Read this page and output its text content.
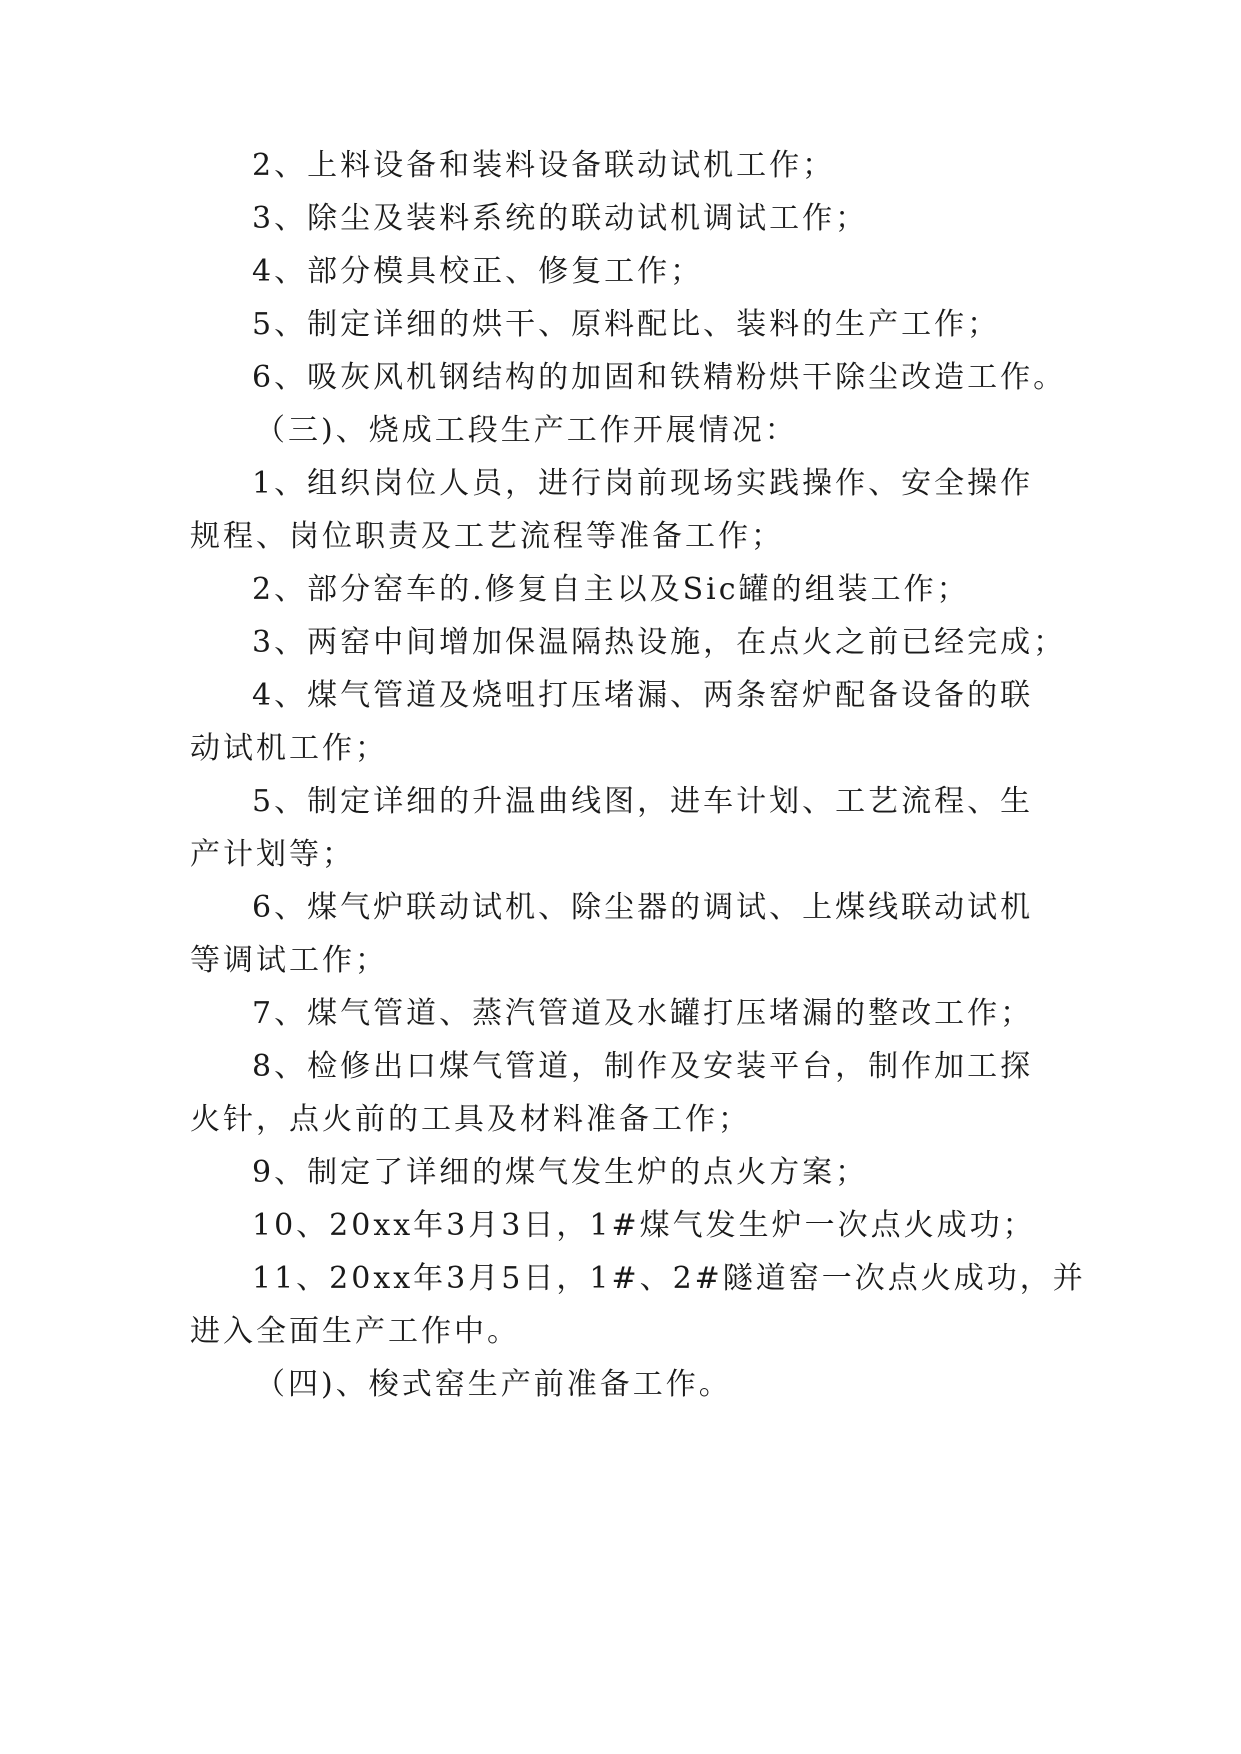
2、上料设备和装料设备联动试机工作；
3、除尘及装料系统的联动试机调试工作；
4、部分模具校正、修复工作；
5、制定详细的烘干、原料配比、装料的生产工作；
6、吸灰风机钢结构的加固和铁精粉烘干除尘改造工作。
（三)、烧成工段生产工作开展情况：
1、组织岗位人员，进行岗前现场实践操作、安全操作
规程、岗位职责及工艺流程等准备工作；
2、部分窑车的.修复自主以及Sic罐的组装工作；
3、两窑中间增加保温隔热设施，在点火之前已经完成；
4、煤气管道及烧咀打压堵漏、两条窑炉配备设备的联
动试机工作；
5、制定详细的升温曲线图，进车计划、工艺流程、生
产计划等；
6、煤气炉联动试机、除尘器的调试、上煤线联动试机
等调试工作；
7、煤气管道、蒸汽管道及水罐打压堵漏的整改工作；
8、检修出口煤气管道，制作及安装平台，制作加工探
火针，点火前的工具及材料准备工作；
9、制定了详细的煤气发生炉的点火方案；
10、20xx年3月3日，1#煤气发生炉一次点火成功；
11、20xx年3月5日，1#、2#隧道窑一次点火成功，并
进入全面生产工作中。
（四)、梭式窑生产前准备工作。
